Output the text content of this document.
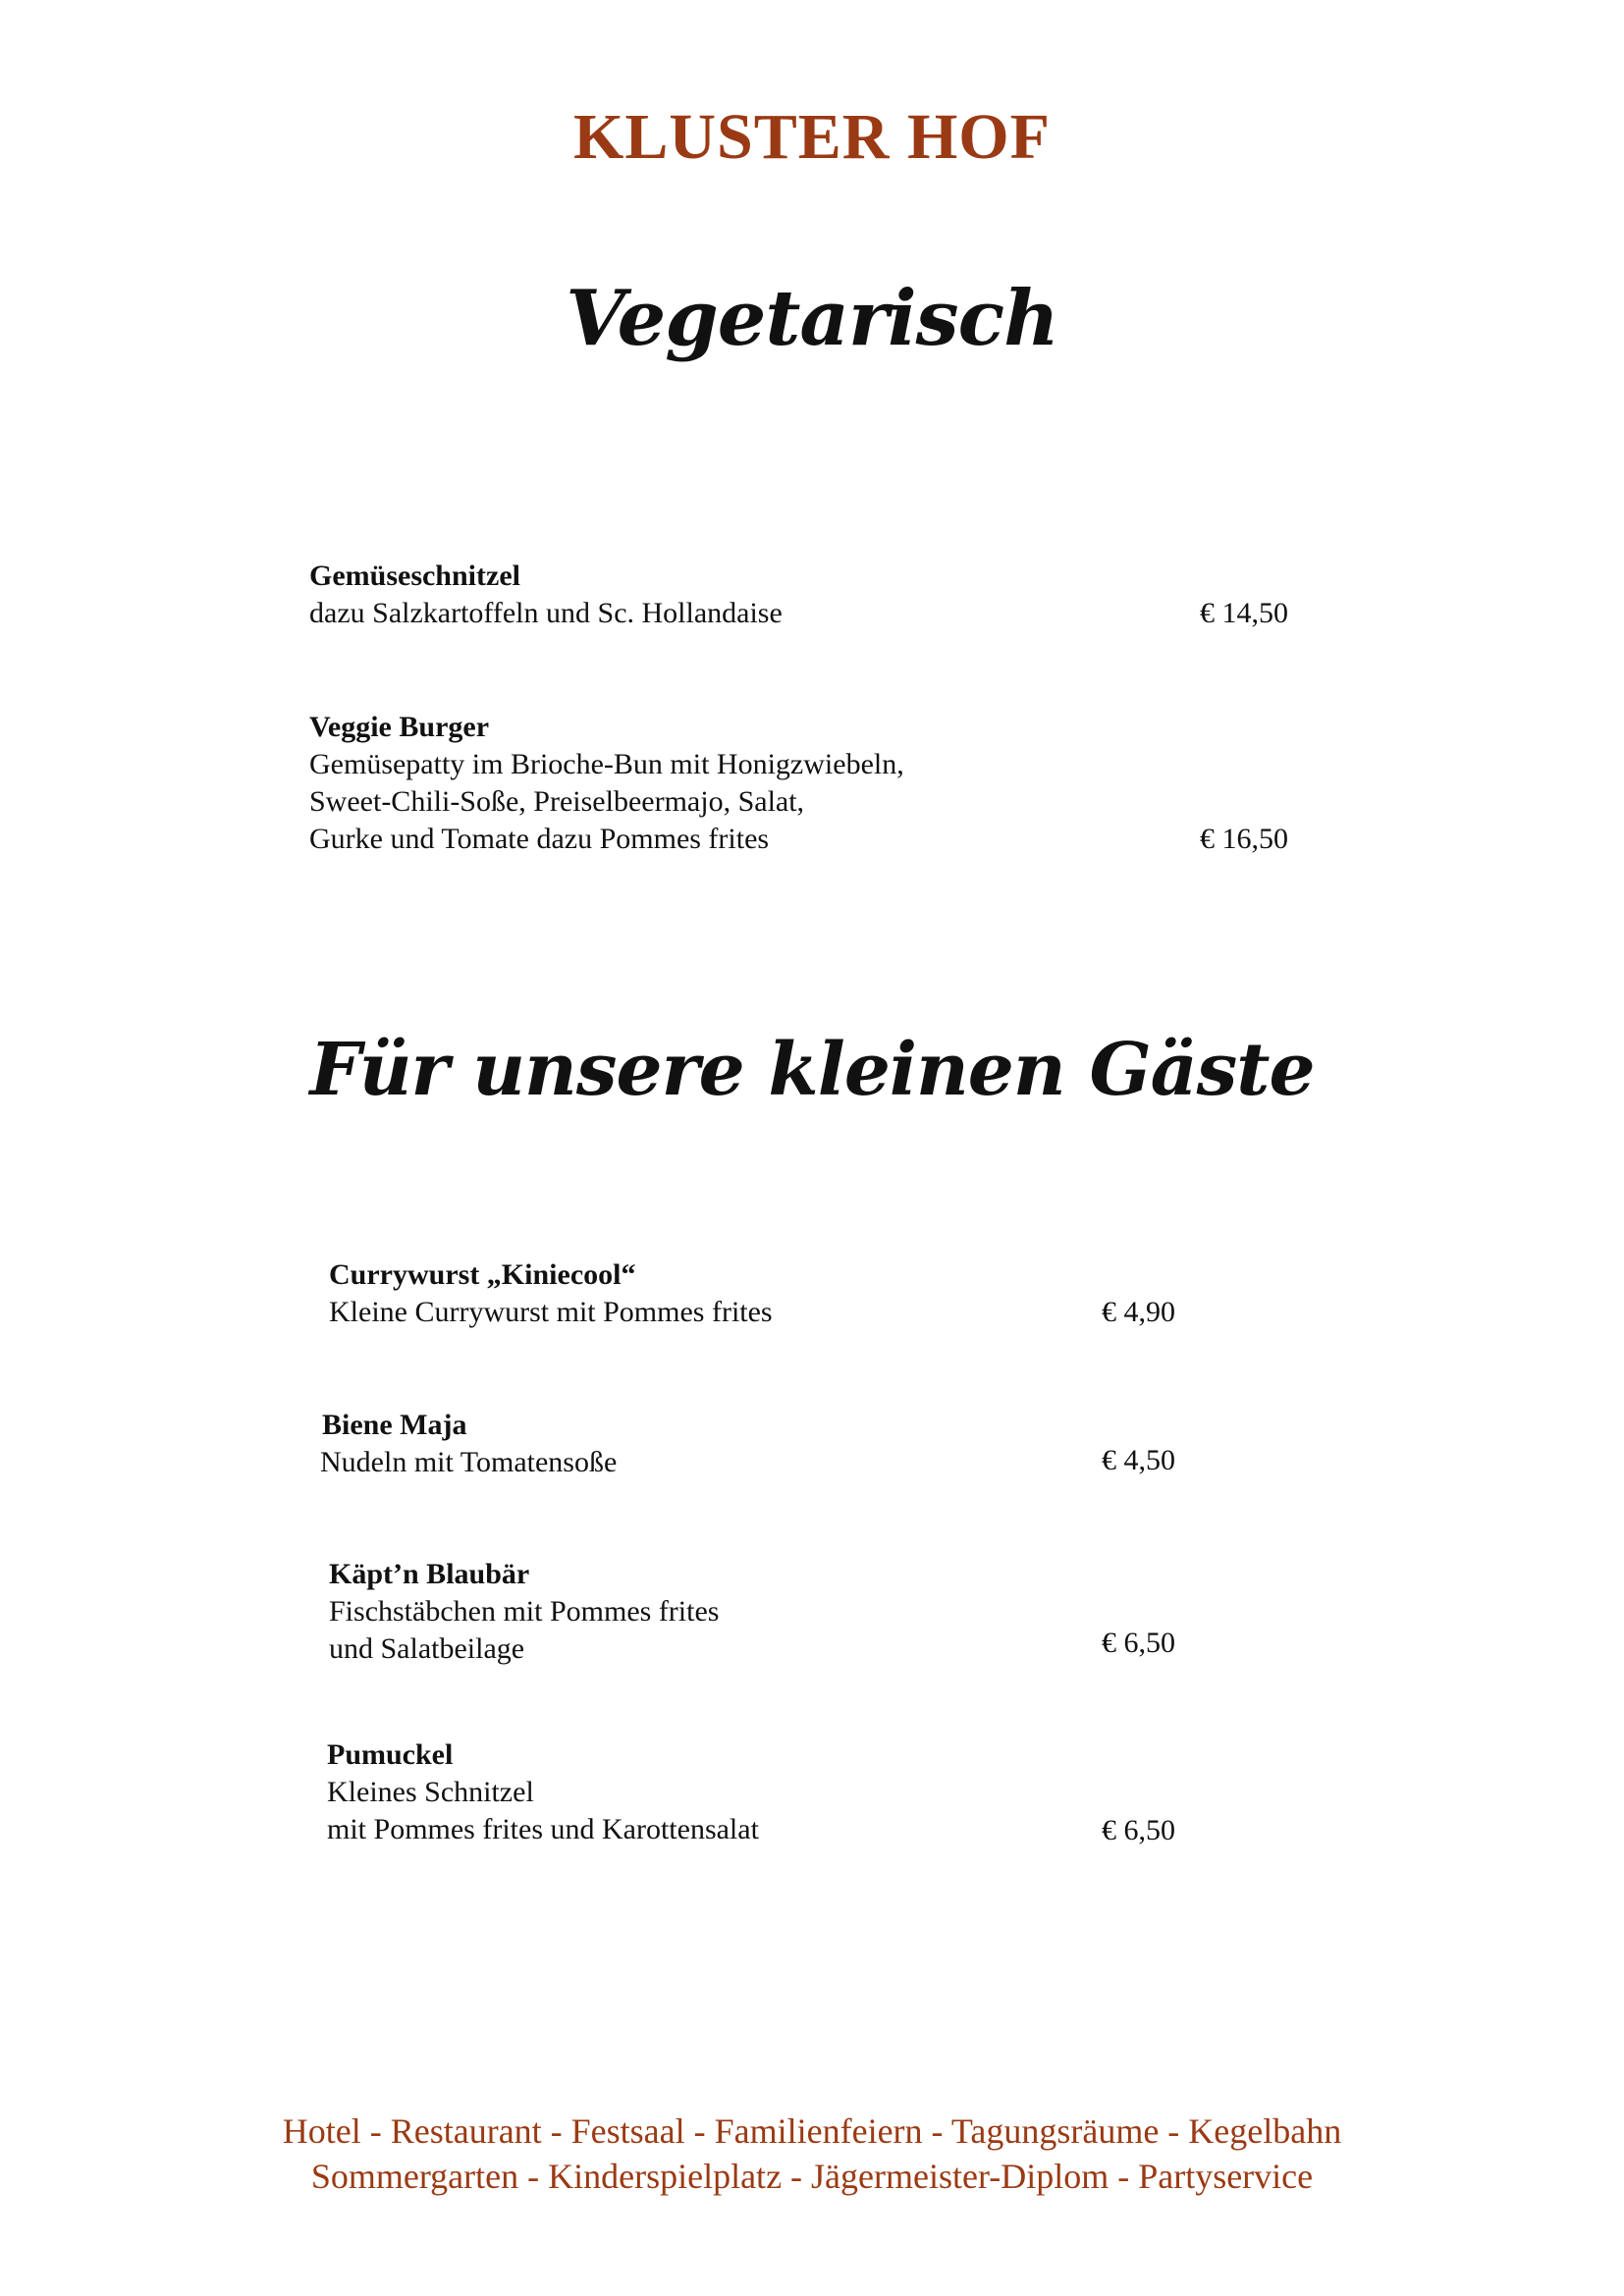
KLUSTER HOF
Vegetarisch
Gemüseschnitzel
dazu Salzkartoffeln und Sc. Hollandaise	€ 14,50
Veggie Burger
Gemüsepatty im Brioche-Bun mit Honigzwiebeln,
Sweet-Chili-Soße, Preiselbeermajo, Salat,
Gurke und Tomate dazu Pommes frites	€ 16,50
Für unsere kleinen Gäste
Currywurst „Kiniecool“
Kleine Currywurst mit Pommes frites	€ 4,90
Biene Maja
Nudeln mit Tomatensoße	€ 4,50
Käpt’n Blaubär
Fischstäbchen mit Pommes frites
und Salatbeilage	€ 6,50
Pumuckel
Kleines Schnitzel
mit Pommes frites und Karottensalat	€ 6,50
Hotel - Restaurant - Festsaal - Familienfeiern - Tagungsräume - Kegelbahn
Sommergarten - Kinderspielplatz - Jägermeister-Diplom - Partyservice
